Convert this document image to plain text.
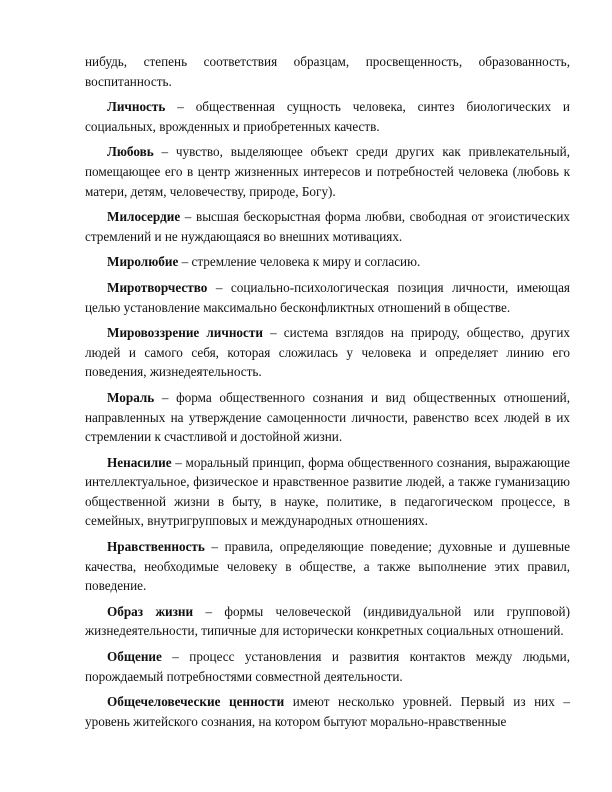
нибудь, степень соответствия образцам, просвещенность, образованность, воспитанность.

Личность – общественная сущность человека, синтез биологических и социальных, врожденных и приобретенных качеств.

Любовь – чувство, выделяющее объект среди других как привлекательный, помещающее его в центр жизненных интересов и потребностей человека (любовь к матери, детям, человечеству, природе, Богу).

Милосердие – высшая бескорыстная форма любви, свободная от эгоистических стремлений и не нуждающаяся во внешних мотивациях.

Миролюбие – стремление человека к миру и согласию.

Миротворчество – социально-психологическая позиция личности, имеющая целью установление максимально бесконфликтных отношений в обществе.

Мировоззрение личности – система взглядов на природу, общество, других людей и самого себя, которая сложилась у человека и определяет линию его поведения, жизнедеятельность.

Мораль – форма общественного сознания и вид общественных отношений, направленных на утверждение самоценности личности, равенство всех людей в их стремлении к счастливой и достойной жизни.

Ненасилие – моральный принцип, форма общественного сознания, выражающие интеллектуальное, физическое и нравственное развитие людей, а также гуманизацию общественной жизни в быту, в науке, политике, в педагогическом процессе, в семейных, внутригрупповых и международных отношениях.

Нравственность – правила, определяющие поведение; духовные и душевные качества, необходимые человеку в обществе, а также выполнение этих правил, поведение.

Образ жизни – формы человеческой (индивидуальной или групповой) жизнедеятельности, типичные для исторически конкретных социальных отношений.

Общение – процесс установления и развития контактов между людьми, порождаемый потребностями совместной деятельности.

Общечеловеческие ценности имеют несколько уровней. Первый из них – уровень житейского сознания, на котором бытуют морально-нравственные
